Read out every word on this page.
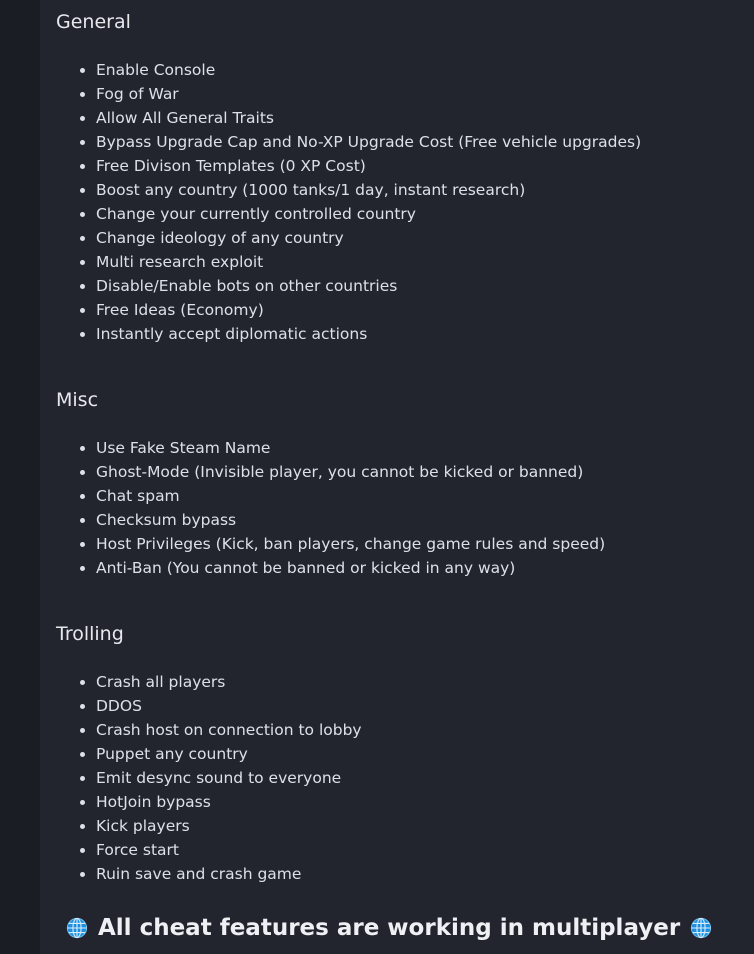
General
• Enable Console
• Fog of War
• Allow All General Traits
• Bypass Upgrade Cap and No-XP Upgrade Cost (Free vehicle upgrades)
• Free Divison Templates (0 XP Cost)
• Boost any country (1000 tanks/1 day, instant research)
• Change your currently controlled country
• Change ideology of any country
• Multi research exploit
• Disable/Enable bots on other countries
• Free Ideas (Economy)
• Instantly accept diplomatic actions
Misc
• Use Fake Steam Name
• Ghost-Mode (Invisible player, you cannot be kicked or banned)
• Chat spam
• Checksum bypass
• Host Privileges (Kick, ban players, change game rules and speed)
• Anti-Ban (You cannot be banned or kicked in any way)
Trolling
• Crash all players
• DDOS
• Crash host on connection to lobby
• Puppet any country
• Emit desync sound to everyone
• HotJoin bypass
• Kick players
• Force start
• Ruin save and crash game
All cheat features are working in multiplayer
